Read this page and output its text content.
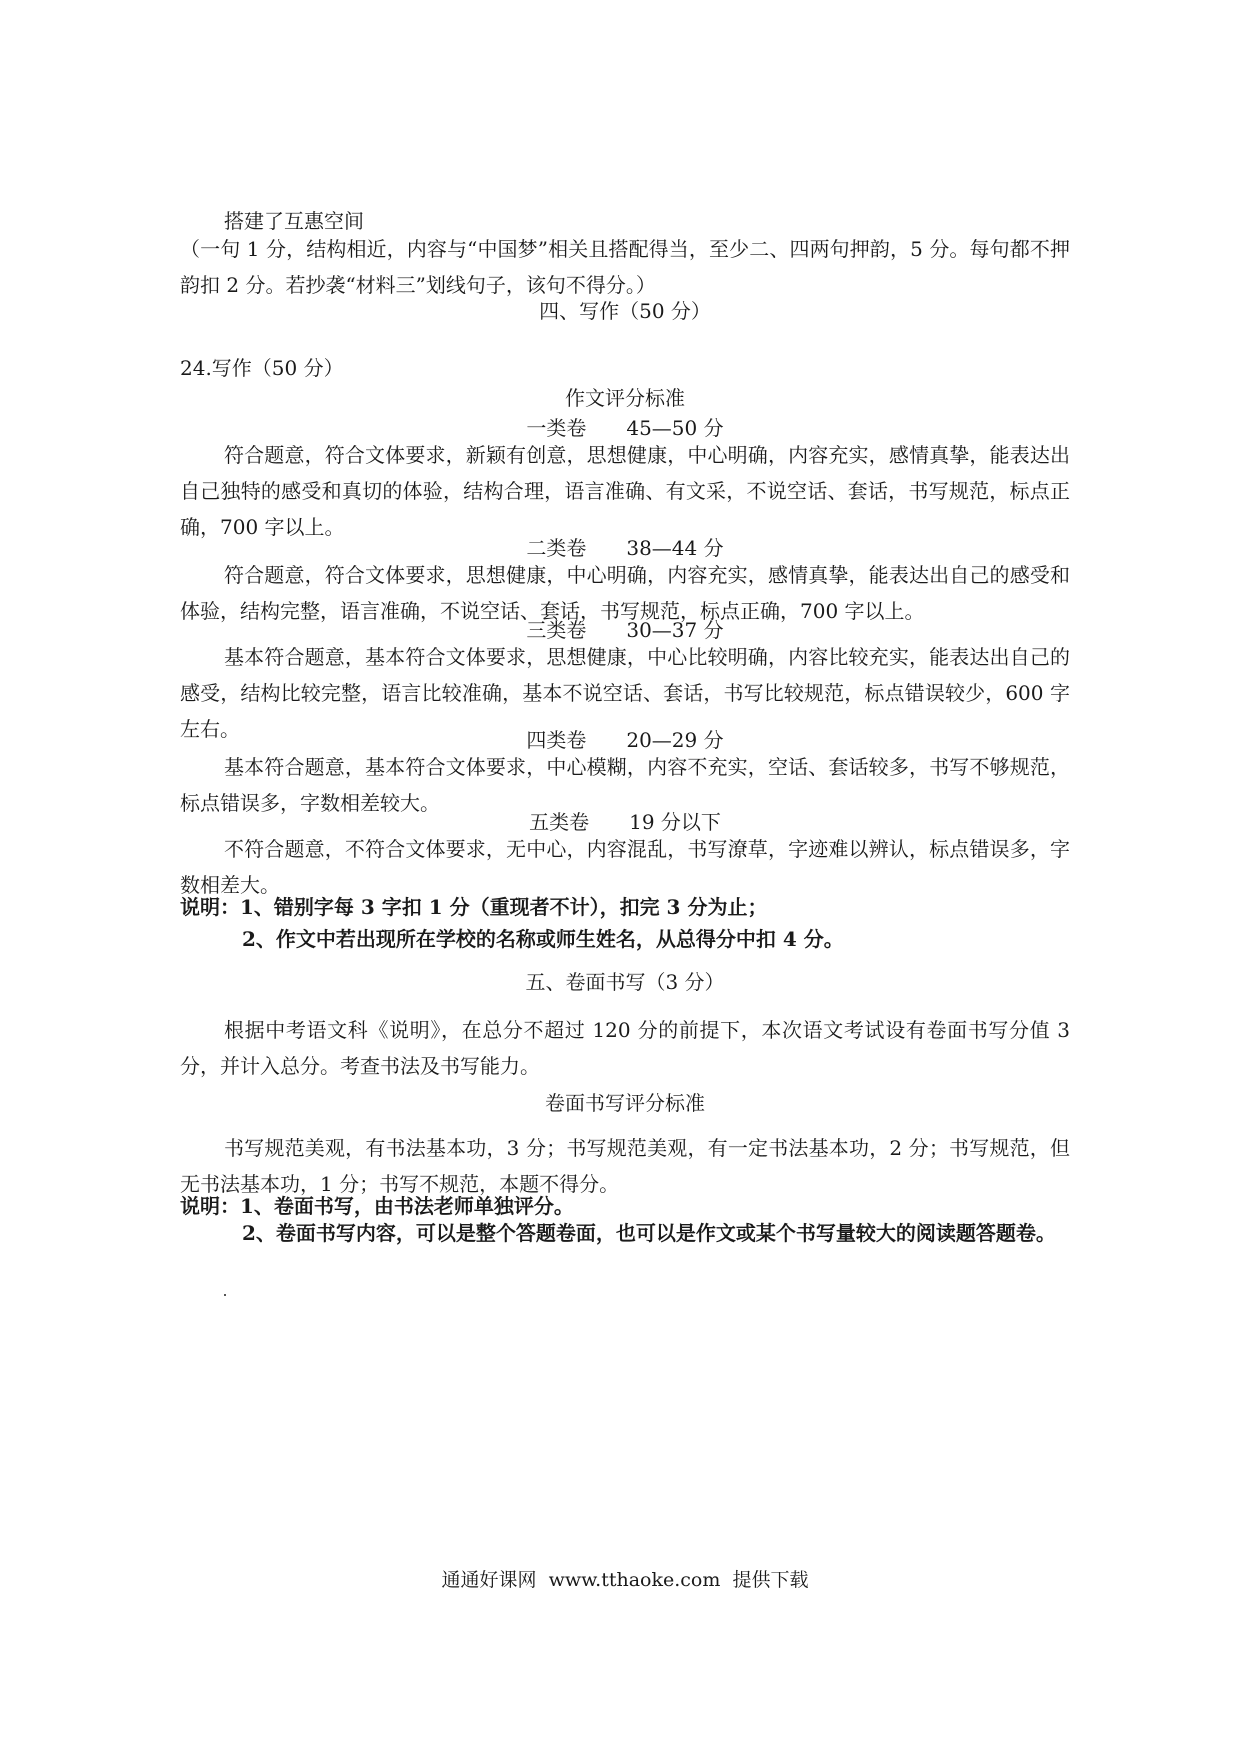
搭建了互惠空间
（一句 1 分，结构相近，内容与“中国梦”相关且搭配得当，至少二、四两句押韵，5 分。每句都不押韵扣 2 分。若抄袭“材料三”划线句子，该句不得分。）
四、写作（50 分）
24.写作（50 分）
作文评分标准
一类卷　　45—50 分
符合题意，符合文体要求，新颖有创意，思想健康，中心明确，内容充实，感情真挚，能表达出自己独特的感受和真切的体验，结构合理，语言准确、有文采，不说空话、套话，书写规范，标点正确，700 字以上。
二类卷　　38—44 分
符合题意，符合文体要求，思想健康，中心明确，内容充实，感情真挚，能表达出自己的感受和体验，结构完整，语言准确，不说空话、套话，书写规范，标点正确，700 字以上。
三类卷　　30—37 分
基本符合题意，基本符合文体要求，思想健康，中心比较明确，内容比较充实，能表达出自己的感受，结构比较完整，语言比较准确，基本不说空话、套话，书写比较规范，标点错误较少，600 字左右。	四类卷　　20—29 分
基本符合题意，基本符合文体要求，中心模糊，内容不充实，空话、套话较多，书写不够规范，标点错误多，字数相差较大。
五类卷　　19 分以下
不符合题意，不符合文体要求，无中心，内容混乱，书写潦草，字迹难以辨认，标点错误多，字数相差大。
说明：1、错别字每 3 字扣 1 分（重现者不计），扣完 3 分为止；
2、作文中若出现所在学校的名称或师生姓名，从总得分中扣 4 分。
五、卷面书写（3 分）
根据中考语文科《说明》，在总分不超过 120 分的前提下，本次语文考试设有卷面书写分值 3 分，并计入总分。考查书法及书写能力。
卷面书写评分标准
书写规范美观，有书法基本功，3 分；书写规范美观，有一定书法基本功，2 分；书写规范，但无书法基本功，1 分；书写不规范，本题不得分。
说明：1、卷面书写，由书法老师单独评分。
2、卷面书写内容，可以是整个答题卷面，也可以是作文或某个书写量较大的阅读题答题卷。
通通好课网  www.tthaoke.com  提供下载
